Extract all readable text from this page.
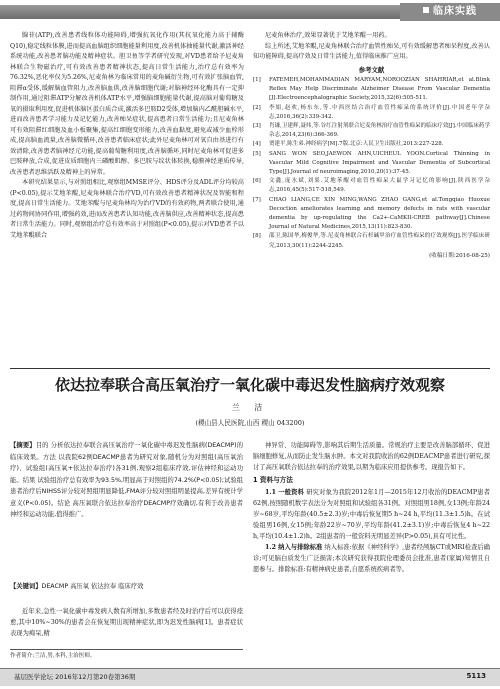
临床实践

腺苷(ATP),改善患者线粒体功能障碍,增强抗氧化作用(其抗氧化能力高于辅酶Q10),稳定线粒体膜,进而提高血脑组织细胞能量利用度,改善机体抽能量代谢,激活神经系统功能,改善患者脑功能及精神症状。胆卫鱼等学者研究发现,对VD患者给予尼麦角林联合生物磁治疗,可有效改善患者精神状态,提高日常生活能力,治疗总有效率为76.32%,恶化率仅为5.26%,尼麦角林为临床常用的麦角碱衍生物,可有效扩张脑血管,阻滞α受体,缓解脑血管阻力,改善脑血供,改善脑细胞代谢;对脑神经环化酶具有一定抑制作用,通过阻滞ATP分解改善机体ATP水平,增强脑细胞能量代谢,提高脑对葡萄糖及氧的摄取利用度,促进机体脑区蛋白质合成,激活多巴胺D2受体,增加脑内乙酰胆碱水平,进而改善患者学习能力及记忆能力,改善痴呆症状,提高患者日常生活能力;且尼麦角林可有效阻滞红细胞及血小板聚集,提高红细胞变形能力,改善血黏度,避免或减少血栓形成,提高脑血流量,改善脑微循环,改善患者临床症状;此外尼麦角林可对氧自由基进行有效清除,改善患者脑神经元功能,提高葡萄糖利用度,改善脑循环,同时尼麦角林可促进多巴胺释放,合成,促进皮质细胞内三磷酸肌醇、多巴胺与纹状体转换,稳膜神经递质传导,改善患者思维活跃及精神上的异常。

本研究结果显示,与对照组相比,观察组MMSE评分、HDS评分及ADL评分均较高(P<0.05),提示艾地苯醌,尼麦角林联合治疗VD,可有效改善患者精神状况及智能和程度,提高日常生活能力。艾地苯醌与尼麦角林均为治疗VD的有效药物,两者联合使用,通过药物间协同作用,增强药效,进而改善患者认知功能,改善脑供应,改善精神状态,提高患者日常生活能力。同时,观察组治疗总有效率高于对照组(P<0.05),提示对VD患者予以艾地苯醌联合

尼麦角林治疗,效果显著优于艾地苯醌一用药。

综上所述,艾地苯醌,尼麦角林联合治疗血管性痴呆,可有效缓解患者痴呆程度,改善认知功能障碍,提高疗效及日常生活能力,值得临床推广应用。

参考文献
[1]	FATEMEH,MOHAMMADIAN MARYAM,NOROOZIAN SHAHRIAR,et al.Blink Reflex May Help Discriminate Alzheimer Disease From Vascular Dementia [J].Electroencephalographic Society,2015,32(6):505-511.
[2]	李娟,赵欢,杨东东,等.中西医结合治疗血管性痴呆的系统评价[J].中国老年学杂志,2016,36(2):339-342.
[3]	肖谦,卫建辉,聂炜,等.谷红注射剂联合尼麦角林治疗血管性痴呆的临床疗效[J].中国临床药学杂志,2014,23(6):366-369.
[4]	贾建平,陈生弟.神经病学[M].7版.北京:人民卫生出版社,2013:227-228.
[5]	SANG WON SEO,JAEWON AHN,UICHEUL YOON.Cortical Thinning in Vascular Mild Cognitive Impairment and Vascular Dementia of Subcortical Type[J].Journal of neuroimaging,2010,20(1):37-45.
[6]	文鑫,庞水斌,刘果.艾地苯醌对血管性痴呆大鼠学习记忆的影响[J].陕西医学杂志,2016,45(5):517-518,549.
[7]	CHAO LIANG,CE XIN MING,WANG ZHAO GANG,et al.Tongqiao Huoxue Decoction ameliorates learning and memory defects in rats with vascular dementia by up-regulating the Ca2+-CaMKII-CREB pathway[J].Chinese Journal of Natural Medicines,2015,13(11):823-830.
[8]	邵卫,陈国华,梅俊华,等.尼麦角林联合石杉碱甲治疗血管性痴呆的疗效观察[J].医学临床研究,2013,30(11):2244-2245.
(收稿日期:2016-08-25)
依达拉奉联合高压氧治疗一氧化碳中毒迟发性脑病疗效观察
兰 洁
(稷山县人民医院,山西 稷山 043200)
【摘要】目的 分析依达拉奉联合高压氧治疗一氧化碳中毒迟发性脑病(DEACMP)的临床效果。方法 以我院62例DEACMP患者为研究对象,随机分为对照组(高压氧治疗)、试验组(高压氧+依达拉奉治疗)各31例,观察2组临床疗效,评估神经和运动功能。结果 试验组治疗总有效率为93.5%,明显高于对照组的74.2%(P<0.05);试验组患者治疗后NIHSS评分较对照组明显降低,FMA评分较对照组明显提高,差异有统计学意义(P<0.05)。结论 高压氧联合依达拉奉治疗DEACMP疗效确切,有利于改善患者神经和运动功能,值得推广。
【关键词】DEACMP 高压氧 依达拉奉 临床疗效

近年来,急性一氧化碳中毒发病人数有所增加,多数患者经及时治疗后可以获得痊愈,其中10%~30%的患者会在恢复期出现精神症状,即为迟发性脑病[1]。患者症状表现为痴呆,精

作者简介:兰洁,男,本科,主治医师。

神异常、功能障碍等,影响其后期生活质量。常规治疗主要是改善脑部循环、促进脑细胞修复,从而防止发生脑水肿。本文对我院收治的62例DEACMP患者进行研究,探讨了高压氧联合依达拉奉的治疗效果,以期为临床应用提供参考。现报告如下。

1 资料与方法

1.1 一般资料 研究对象为我院2012年1月—2015年12月收治的DEACMP患者62例,按照随机数字表法分为对照组和试验组各31例。对照组男18例,女13例;年龄24岁~68岁,平均年龄(40.5±2.3)岁;中毒后恢复期5 h~24 h,平均(11.3±1.5)h。在试验组男16例,女15例;年龄22岁~70岁,平均年龄(41.2±3.1)岁;中毒后恢复4 h~22 h,平均(10.4±1.2)h。2组患者的一般资料无明显差异(P>0.05),具有可比性。

1.2 纳入与排除标准 纳入标准:依据《神经科学》,患者经颅脑CT或MRI检查后确诊;可见脑白质发生广泛损害;本次研究获得我院伦理委员会批准,患者(家属)知情且自愿参与。排除标准:有精神病史患者,自愿系统疾病者等。

基层医学论坛 2016年12月第20卷第36期	5113
